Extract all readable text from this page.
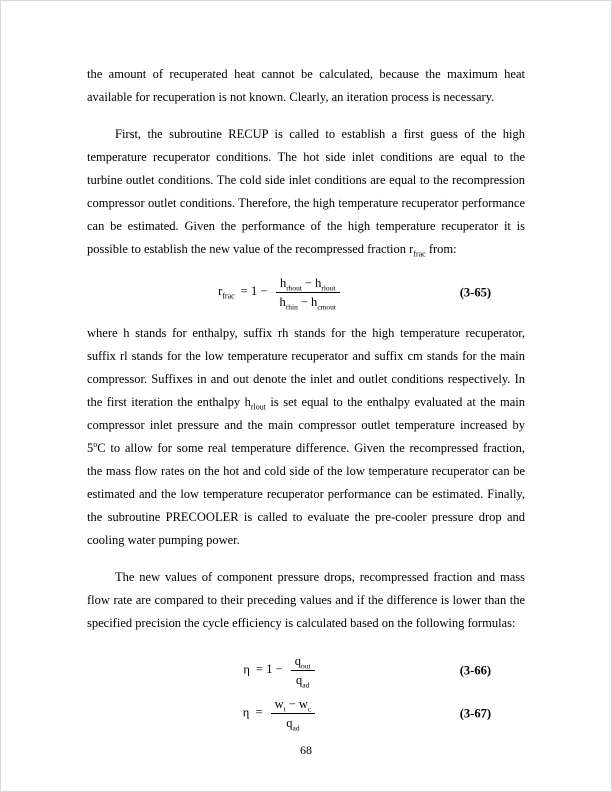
the amount of recuperated heat cannot be calculated, because the maximum heat available for recuperation is not known. Clearly, an iteration process is necessary.

First, the subroutine RECUP is called to establish a first guess of the high temperature recuperator conditions. The hot side inlet conditions are equal to the turbine outlet conditions. The cold side inlet conditions are equal to the recompression compressor outlet conditions. Therefore, the high temperature recuperator performance can be estimated. Given the performance of the high temperature recuperator it is possible to establish the new value of the recompressed fraction $r_{frac}$ from:

$r_{frac} = 1 - \frac{h_{rhout} - h_{rlout}}{h_{rhin} - h_{cmout}}$	(3-65)

where h stands for enthalpy, suffix rh stands for the high temperature recuperator, suffix rl stands for the low temperature recuperator and suffix cm stands for the main compressor. Suffixes in and out denote the inlet and outlet conditions respectively. In the first iteration the enthalpy $h_{rlout}$ is set equal to the enthalpy evaluated at the main compressor inlet pressure and the main compressor outlet temperature increased by 5$^o$C to allow for some real temperature difference. Given the recompressed fraction, the mass flow rates on the hot and cold side of the low temperature recuperator can be estimated and the low temperature recuperator performance can be estimated. Finally, the subroutine PRECOOLER is called to evaluate the pre-cooler pressure drop and cooling water pumping power.

The new values of component pressure drops, recompressed fraction and mass flow rate are compared to their preceding values and if the difference is lower than the specified precision the cycle efficiency is calculated based on the following formulas:

$\eta = 1 - \frac{q_{out}}{q_{ad}}$	(3-66)
$\eta = \frac{w_t - w_c}{q_{ad}}$	(3-67)
68
